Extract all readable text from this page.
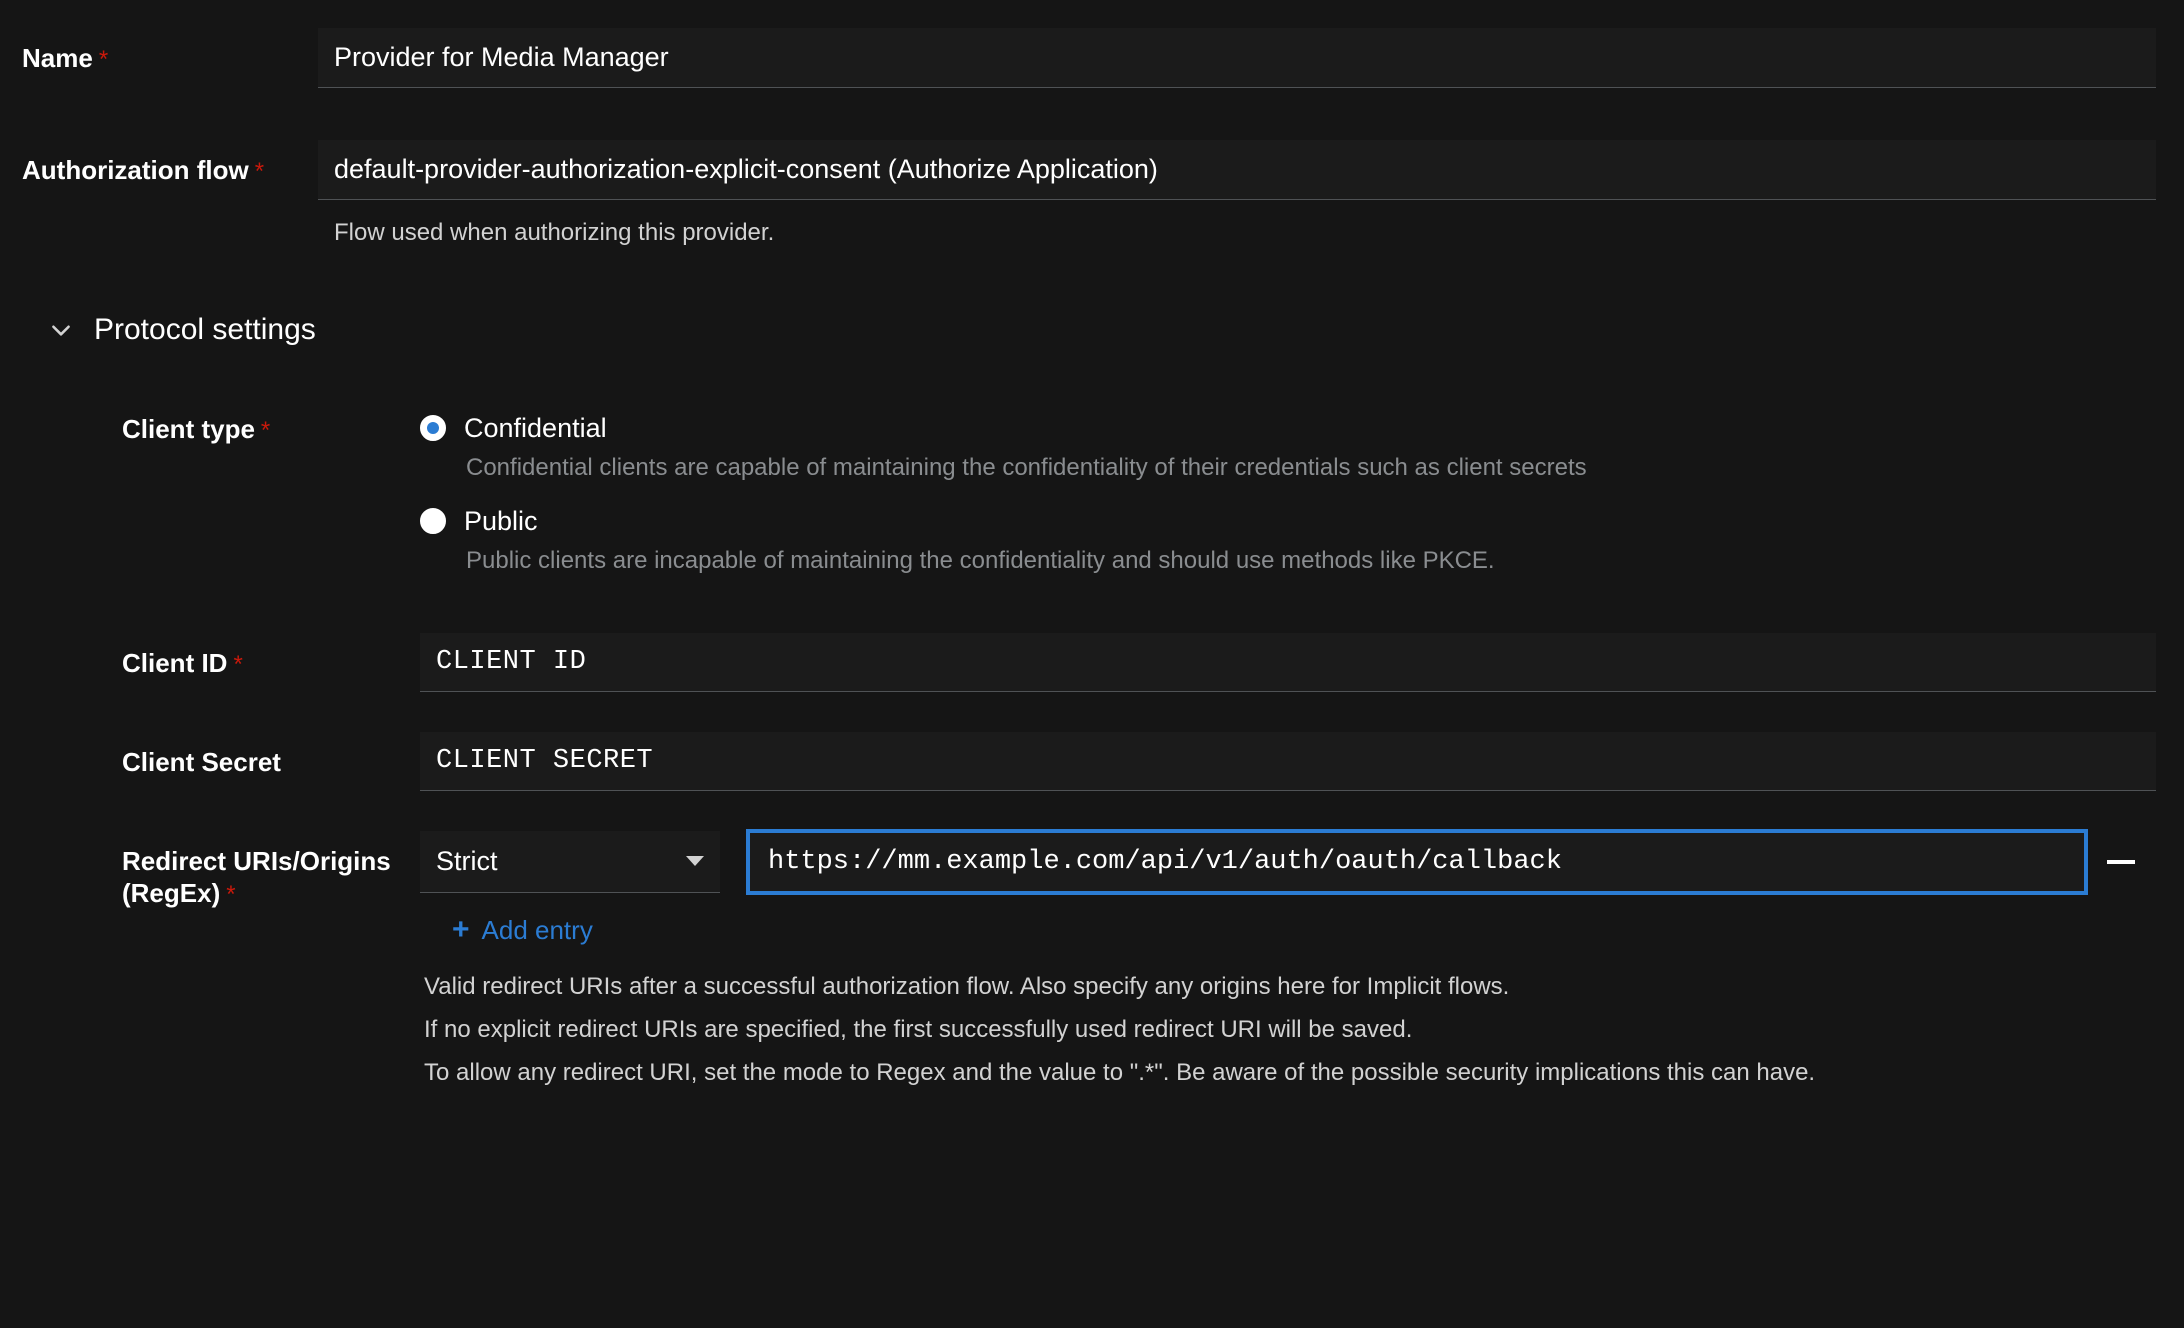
Name *
Provider for Media Manager
Authorization flow *
default-provider-authorization-explicit-consent (Authorize Application)
Flow used when authorizing this provider.
Protocol settings
Client type *	Confidential
Confidential clients are capable of maintaining the confidentiality of their credentials such as client secrets
Public
Public clients are incapable of maintaining the confidentiality and should use methods like PKCE.
Client ID *
CLIENT ID
Client Secret
CLIENT SECRET
Redirect URIs/Origins
(RegEx) *
Strict
https://mm.example.com/api/v1/auth/oauth/callback
+ Add entry
Valid redirect URIs after a successful authorization flow. Also specify any origins here for Implicit flows.
If no explicit redirect URIs are specified, the first successfully used redirect URI will be saved.
To allow any redirect URI, set the mode to Regex and the value to ".*". Be aware of the possible security implications this can have.
